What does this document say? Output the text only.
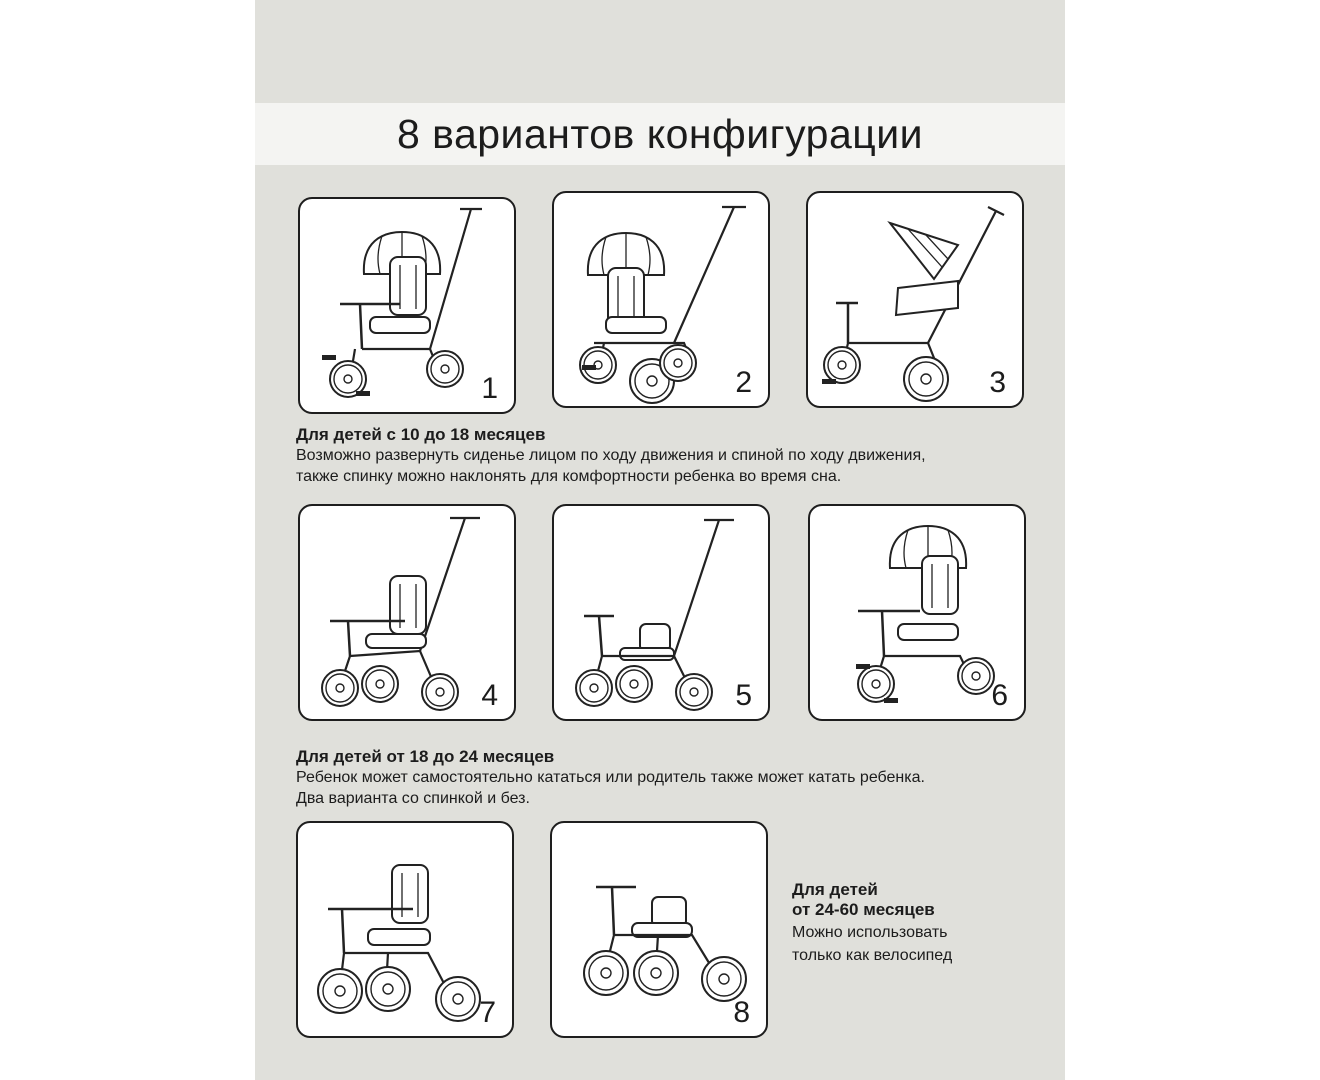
8 вариантов конфигурации
1	2	3
Для детей с 10 до 18 месяцев
Возможно развернуть сиденье лицом по ходу движения и спиной по ходу движения,
также спинку можно наклонять для комфортности ребенка во время сна.
4	5	6
Для детей от 18 до 24 месяцев
Ребенок может самостоятельно кататься или родитель также может катать ребенка.
Два варианта со спинкой и без.
7	8
Для детей
от 24-60 месяцев
Можно использовать
только как велосипед
